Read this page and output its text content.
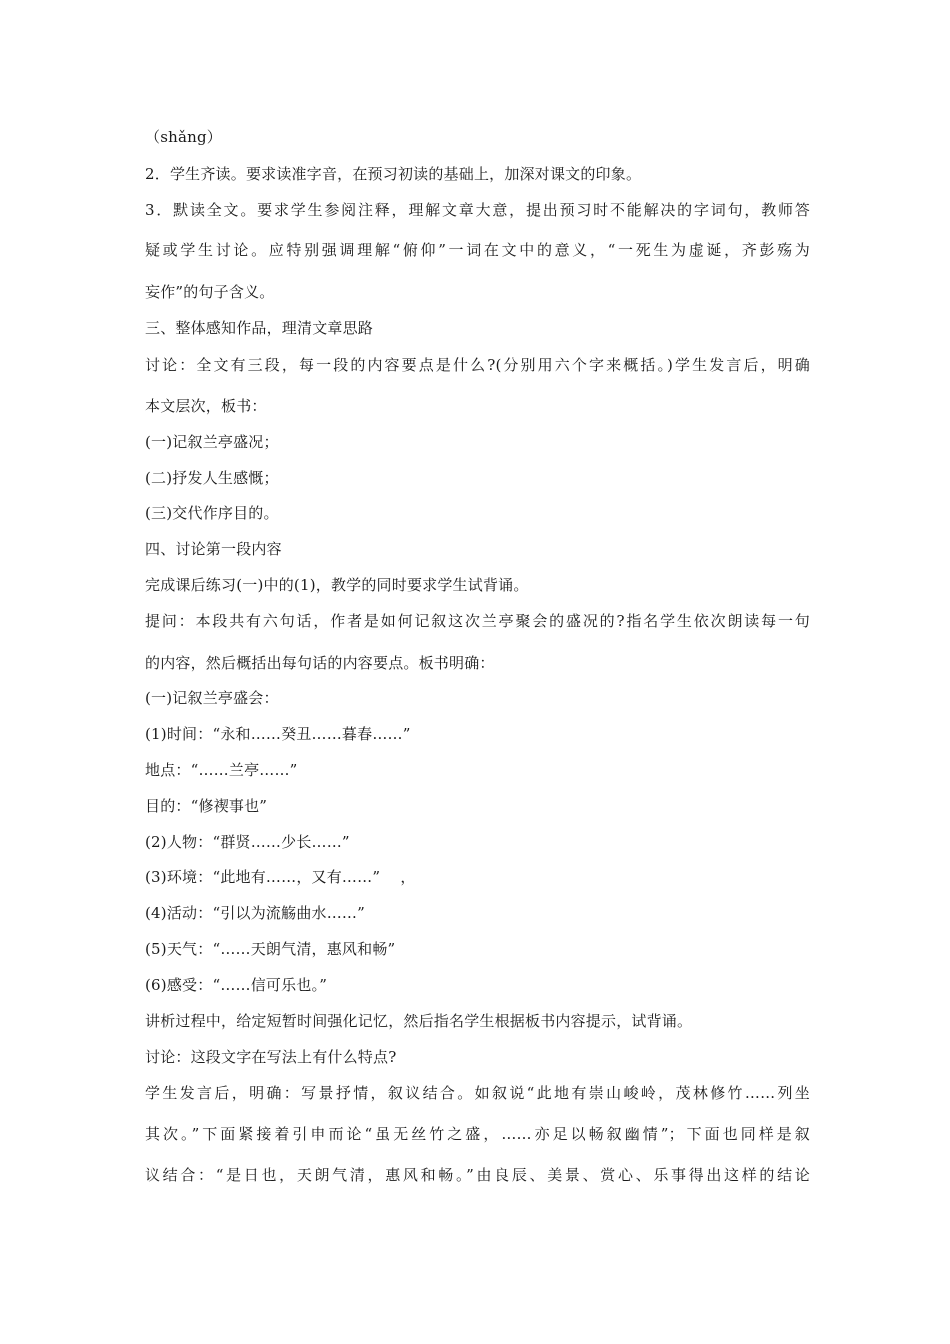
（shǎng）
2．学生齐读。要求读准字音，在预习初读的基础上，加深对课文的印象。
3．默读全文。要求学生参阅注释，理解文章大意，提出预习时不能解决的字词句，教师答
疑或学生讨论。应特别强调理解“俯仰”一词在文中的意义，“一死生为虚诞，齐彭殇为
妄作”的句子含义。
三、整体感知作品，理清文章思路
讨论：全文有三段，每一段的内容要点是什么?(分别用六个字来概括。)学生发言后，明确
本文层次，板书：
(一)记叙兰亭盛况；
(二)抒发人生感慨；
(三)交代作序目的。
四、讨论第一段内容
完成课后练习(一)中的(1)，教学的同时要求学生试背诵。
提问：本段共有六句话，作者是如何记叙这次兰亭聚会的盛况的?指名学生依次朗读每一句
的内容，然后概括出每句话的内容要点。板书明确：
(一)记叙兰亭盛会：
(1)时间：“永和……癸丑……暮春……”
地点：“……兰亭……”
目的：“修禊事也”
(2)人物：“群贤……少长……”
(3)环境：“此地有……，又有……”　 ，
(4)活动：“引以为流觞曲水……”
(5)天气：“……天朗气清，惠风和畅”
(6)感受：“……信可乐也。”
讲析过程中，给定短暂时间强化记忆，然后指名学生根据板书内容提示，试背诵。
讨论：这段文字在写法上有什么特点?
学生发言后，明确：写景抒情，叙议结合。如叙说“此地有崇山峻岭，茂林修竹……列坐
其次。”下面紧接着引申而论“虽无丝竹之盛，……亦足以畅叙幽情”；下面也同样是叙
议结合：“是日也，天朗气清，惠风和畅。”由良辰、美景、赏心、乐事得出这样的结论
